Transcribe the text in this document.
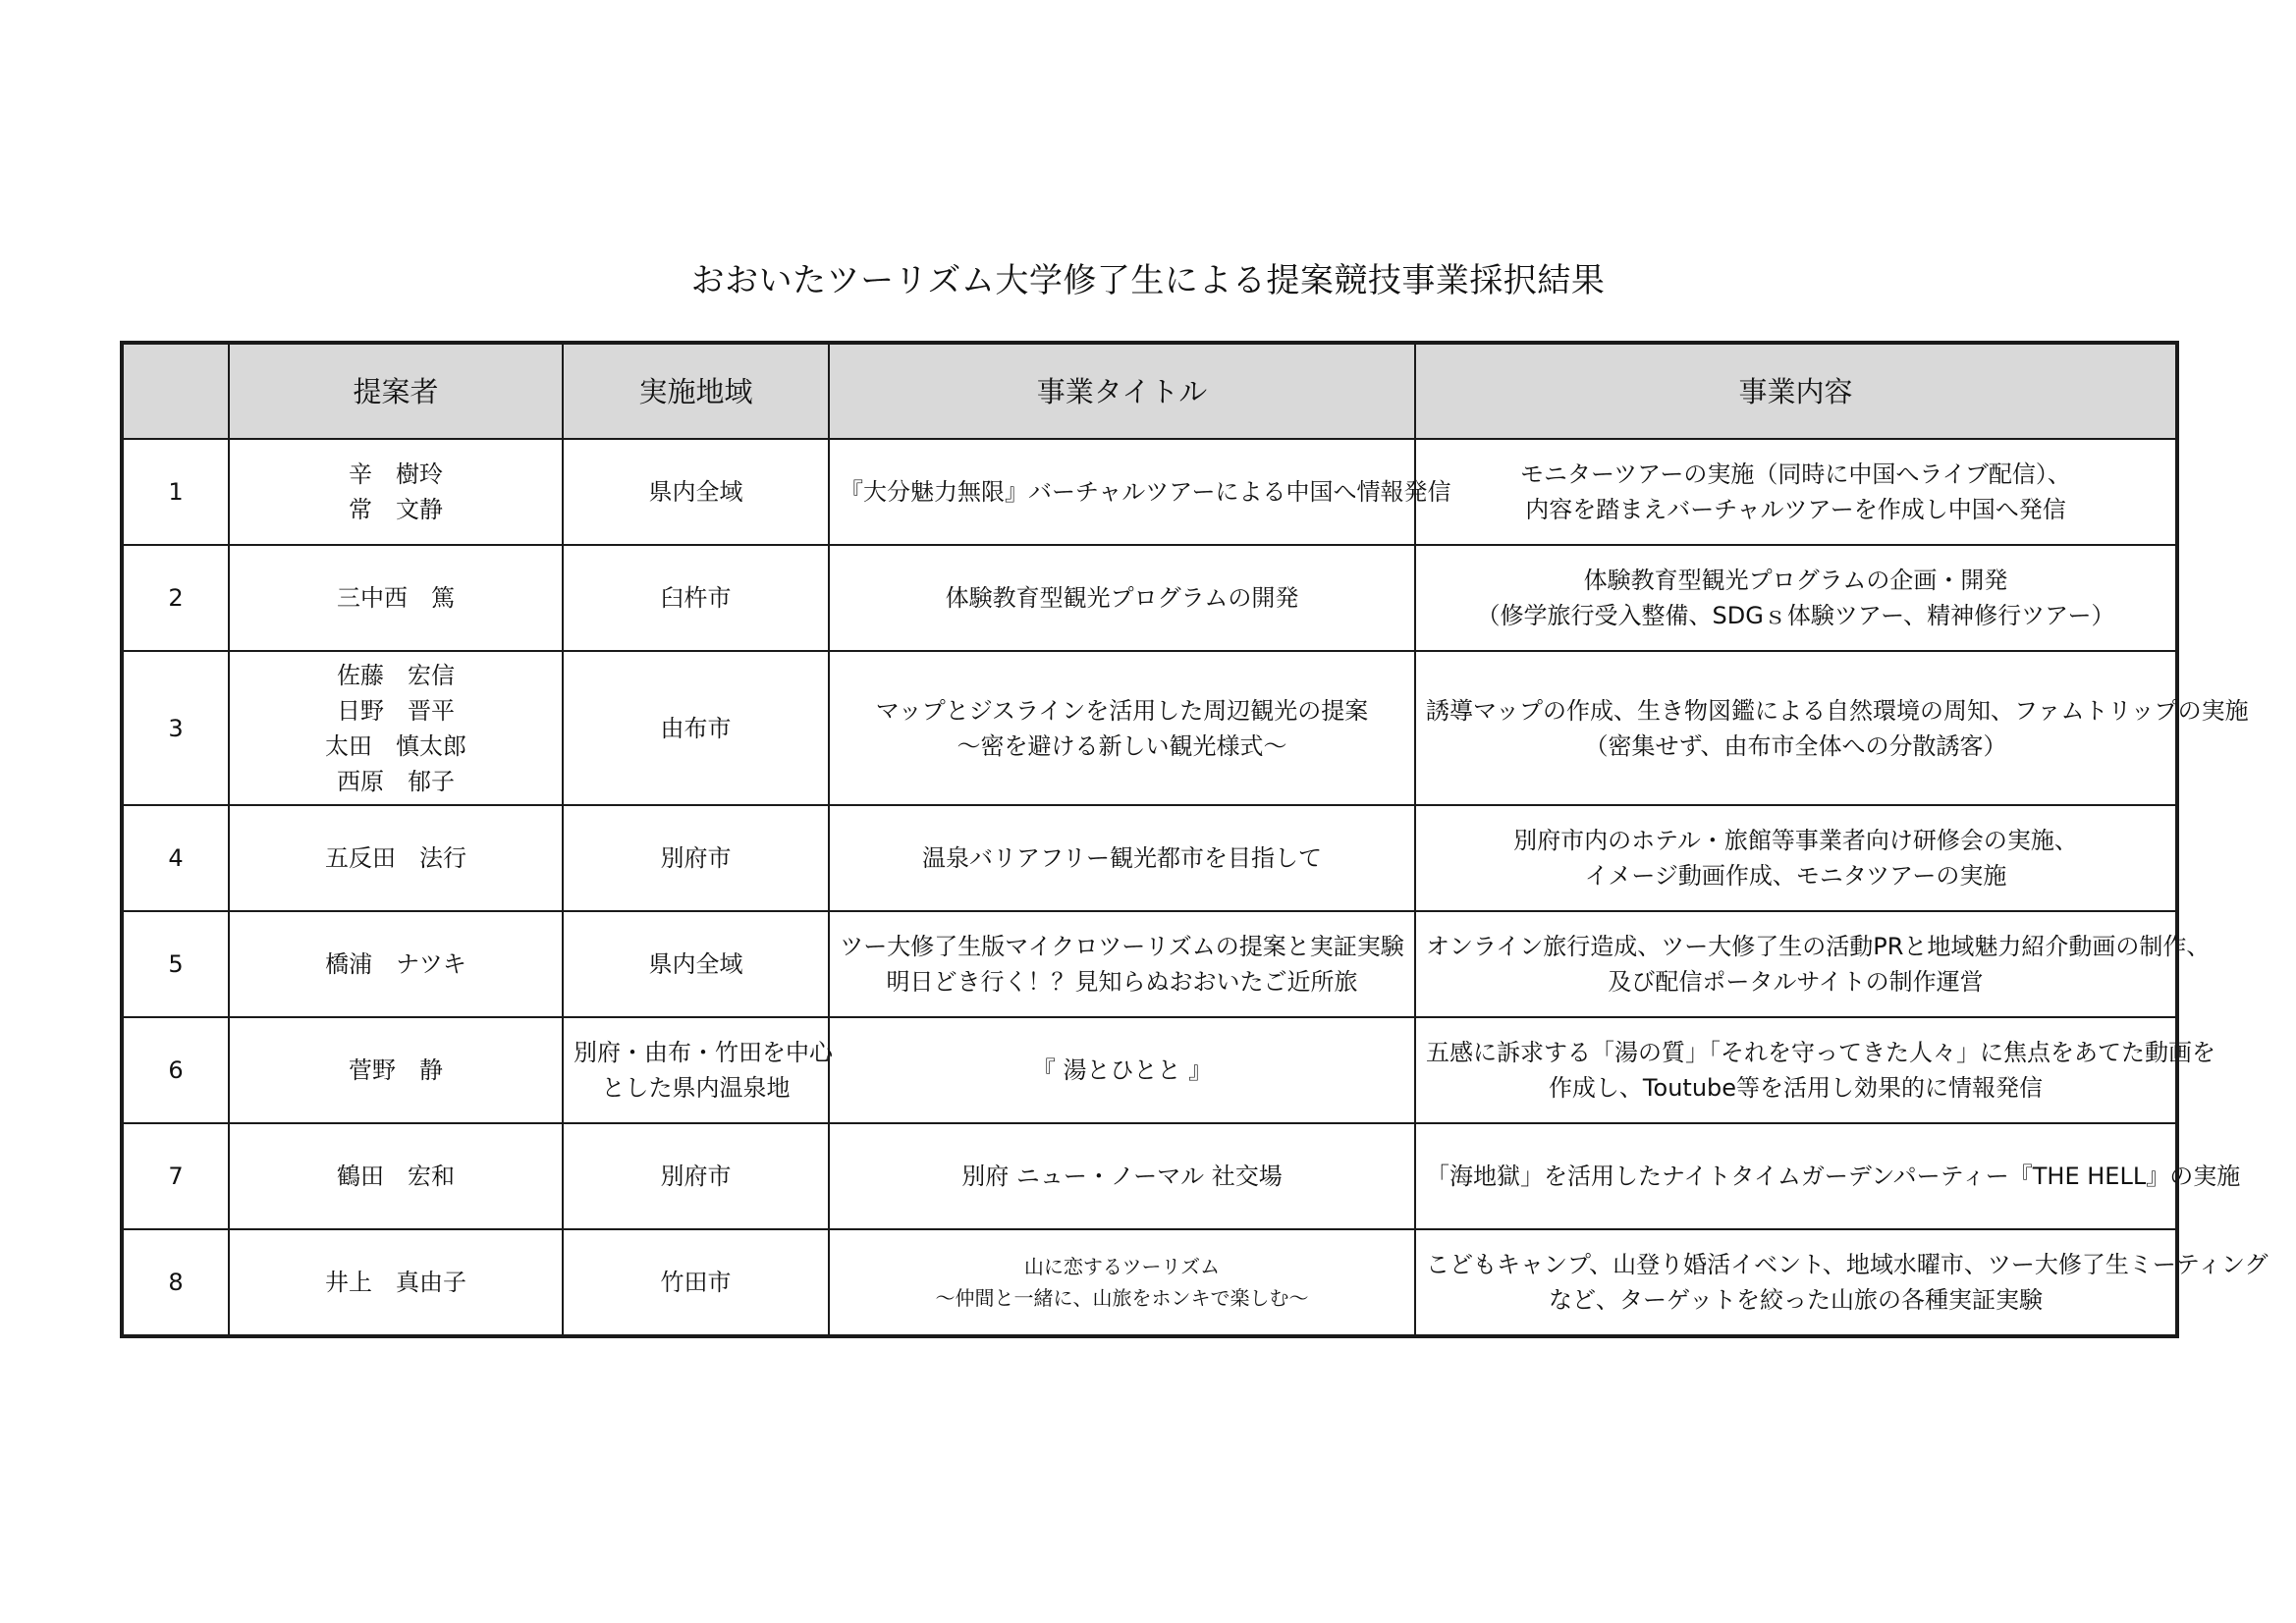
おおいたツーリズム大学修了生による提案競技事業採択結果
	提案者	実施地域	事業タイトル	事業内容
1	辛　樹玲
常　文静	県内全域	『大分魅力無限』バーチャルツアーによる中国へ情報発信	モニターツアーの実施（同時に中国へライブ配信）、
内容を踏まえバーチャルツアーを作成し中国へ発信

2	三中西　篤	臼杵市	体験教育型観光プログラムの開発	体験教育型観光プログラムの企画・開発
（修学旅行受入整備、SDGｓ体験ツアー、精神修行ツアー）

3	佐藤　宏信
日野　晋平
太田　慎太郎
西原　郁子	由布市	マップとジスラインを活用した周辺観光の提案
～密を避ける新しい観光様式～	誘導マップの作成、生き物図鑑による自然環境の周知、ファムトリップの実施
（密集せず、由布市全体への分散誘客）

4	五反田　法行	別府市	温泉バリアフリー観光都市を目指して	別府市内のホテル・旅館等事業者向け研修会の実施、
イメージ動画作成、モニタツアーの実施

5	橋浦　ナツキ	県内全域	ツー大修了生版マイクロツーリズムの提案と実証実験
明日どき行く！？見知らぬおおいたご近所旅	オンライン旅行造成、ツー大修了生の活動PRと地域魅力紹介動画の制作、
及び配信ポータルサイトの制作運営

6	菅野　静	別府・由布・竹田を中心
とした県内温泉地	『 湯とひとと 』	五感に訴求する「湯の質」「それを守ってきた人々」に焦点をあてた動画を
作成し、Toutube等を活用し効果的に情報発信

7	鶴田　宏和	別府市	別府 ニュー・ノーマル 社交場	「海地獄」を活用したナイトタイムガーデンパーティー『THE HELL』の実施

8	井上　真由子	竹田市	山に恋するツーリズム
～仲間と一緒に、山旅をホンキで楽しむ～	こどもキャンプ、山登り婚活イベント、地域水曜市、ツー大修了生ミーティング
など、ターゲットを絞った山旅の各種実証実験
